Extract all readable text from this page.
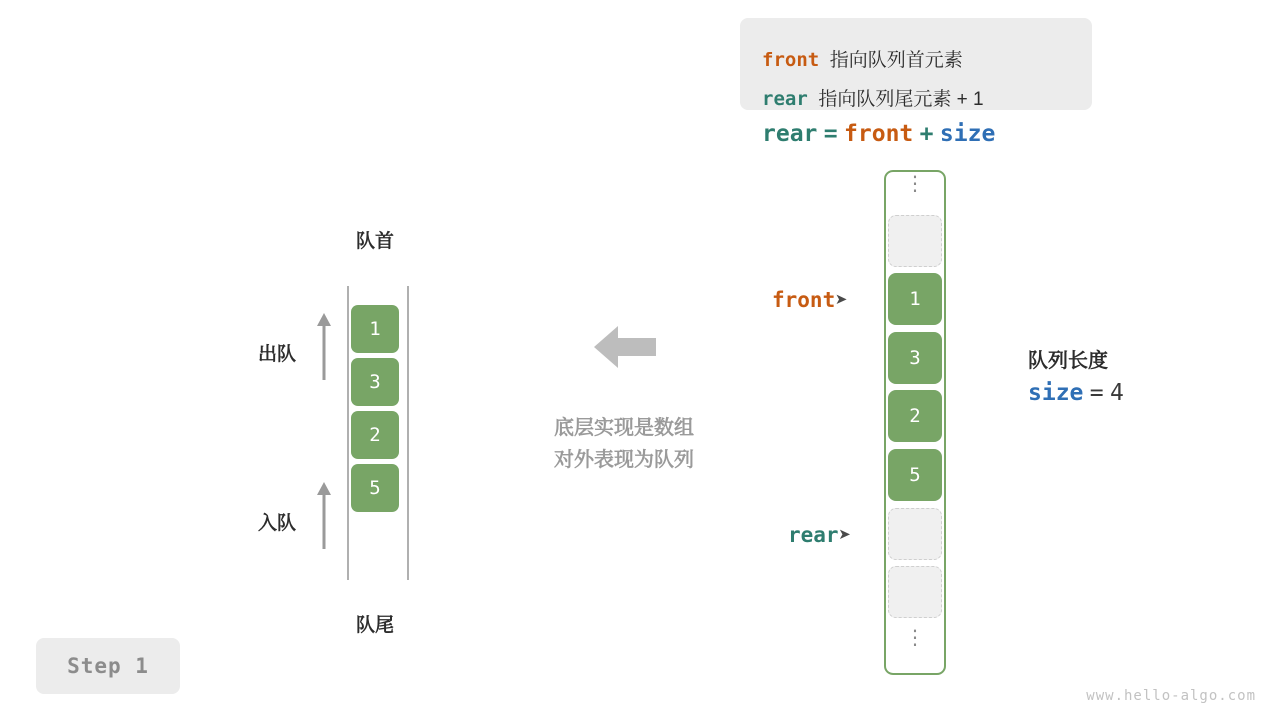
Step 1
队首
队尾
1
3
2
5
出队
入队
底层实现是数组
对外表现为队列
front 指向队列首元素
rear 指向队列尾元素 + 1
rear = front + size
⋮
⋮
1
3
2
5
front➤
rear➤
队列长度
size = 4
www.hello-algo.com
